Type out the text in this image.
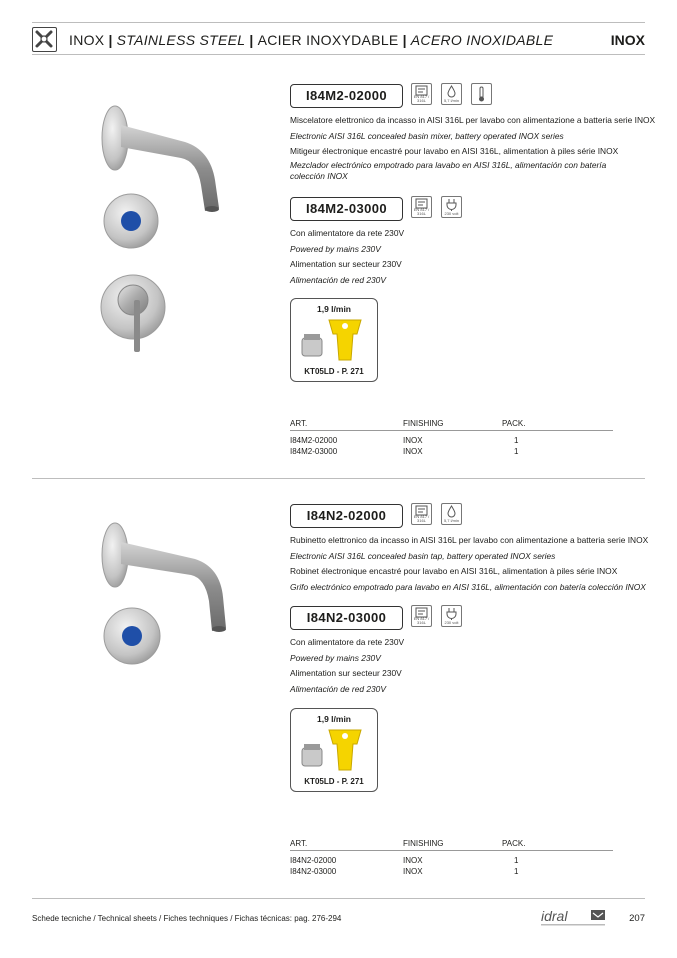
INOX | STAINLESS STEEL | ACIER INOXYDABLE | ACERO INOXIDABLE	INOX
I84M2-02000	EN 817 / 316L	5,7 l/min
Miscelatore elettronico da incasso in AISI 316L per lavabo con alimentazione a batteria serie INOX
Electronic AISI 316L concealed basin mixer, battery operated INOX series
Mitigeur électronique encastré pour lavabo en AISI 316L, alimentation à piles série INOX
Mezclador electrónico empotrado para lavabo en AISI 316L, alimentación con batería
colección INOX
I84M2-03000	EN 817 / 316L	230 volt
Con alimentatore da rete 230V
Powered by mains 230V
Alimentation sur secteur 230V
Alimentación de red 230V
1,9 l/min
KT05LD - P. 271
ART.	FINISHING	PACK.
I84M2-02000	INOX	1
I84M2-03000	INOX	1
I84N2-02000	EN 817 / 316L	5,7 l/min
Rubinetto elettronico da incasso in AISI 316L per lavabo con alimentazione a batteria serie INOX
Electronic AISI 316L concealed basin tap, battery operated INOX series
Robinet électronique encastré pour lavabo en AISI 316L, alimentation à piles série INOX
Grifo electrónico empotrado para lavabo en AISI 316L, alimentación con batería colección INOX
I84N2-03000	EN 817 / 316L	230 volt
Con alimentatore da rete 230V
Powered by mains 230V
Alimentation sur secteur 230V
Alimentación de red 230V
1,9 l/min
KT05LD - P. 271
ART.	FINISHING	PACK.
I84N2-02000	INOX	1
I84N2-03000	INOX	1
Schede tecniche / Technical sheets / Fiches techniques / Fichas técnicas: pag. 276-294	idral	207
